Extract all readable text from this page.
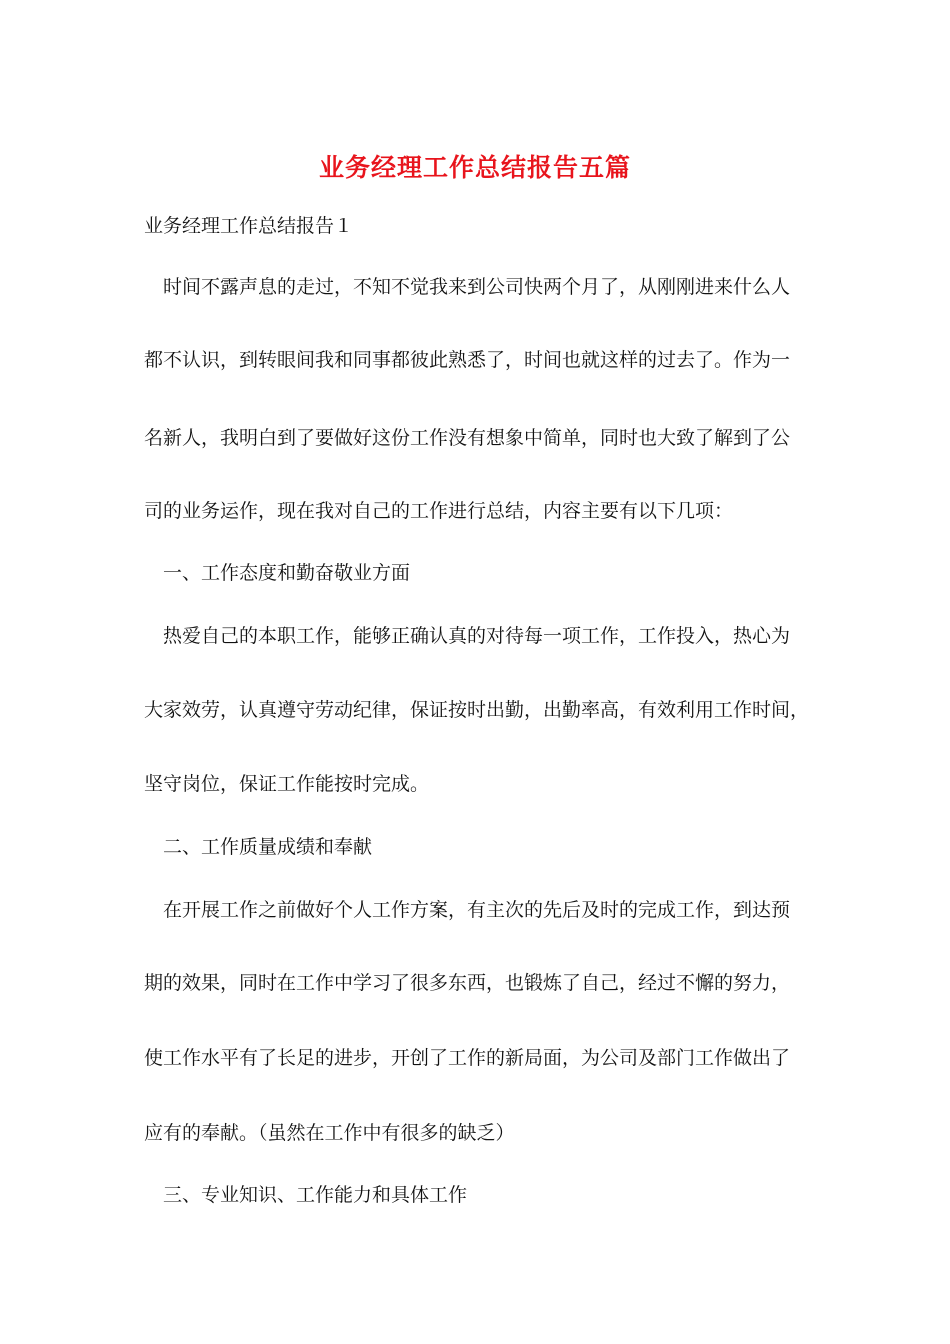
业务经理工作总结报告五篇

业务经理工作总结报告１

时间不露声息的走过，不知不觉我来到公司快两个月了，从刚刚进来什么人

都不认识，到转眼间我和同事都彼此熟悉了，时间也就这样的过去了。作为一

名新人，我明白到了要做好这份工作没有想象中简单，同时也大致了解到了公

司的业务运作，现在我对自己的工作进行总结，内容主要有以下几项：

一、工作态度和勤奋敬业方面

热爱自己的本职工作，能够正确认真的对待每一项工作，工作投入，热心为

大家效劳，认真遵守劳动纪律，保证按时出勤，出勤率高，有效利用工作时间，

坚守岗位，保证工作能按时完成。

二、工作质量成绩和奉献

在开展工作之前做好个人工作方案，有主次的先后及时的完成工作，到达预

期的效果，同时在工作中学习了很多东西，也锻炼了自己，经过不懈的努力，

使工作水平有了长足的进步，开创了工作的新局面，为公司及部门工作做出了

应有的奉献。（虽然在工作中有很多的缺乏）

三、专业知识、工作能力和具体工作
